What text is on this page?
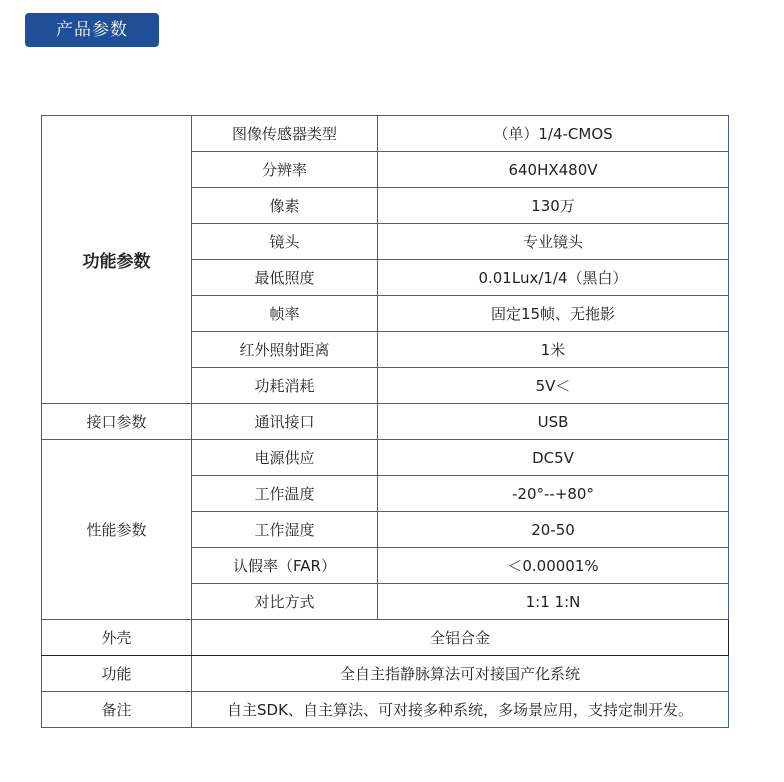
产品参数
功能参数	图像传感器类型	（单）1/4-CMOS
	分辨率	640HX480V
	像素	130万
	镜头	专业镜头
	最低照度	0.01Lux/1/4（黑白）
	帧率	固定15帧、无拖影
	红外照射距离	1米
	功耗消耗	5V＜
接口参数	通讯接口	USB
性能参数	电源供应	DC5V
	工作温度	-20°--+80°
	工作湿度	20-50
	认假率（FAR）	＜0.00001%
	对比方式	1:1 1:N
外壳	全铝合金	
功能	全自主指静脉算法可对接国产化系统	
备注	自主SDK、自主算法、可对接多种系统，多场景应用，支持定制开发。	
